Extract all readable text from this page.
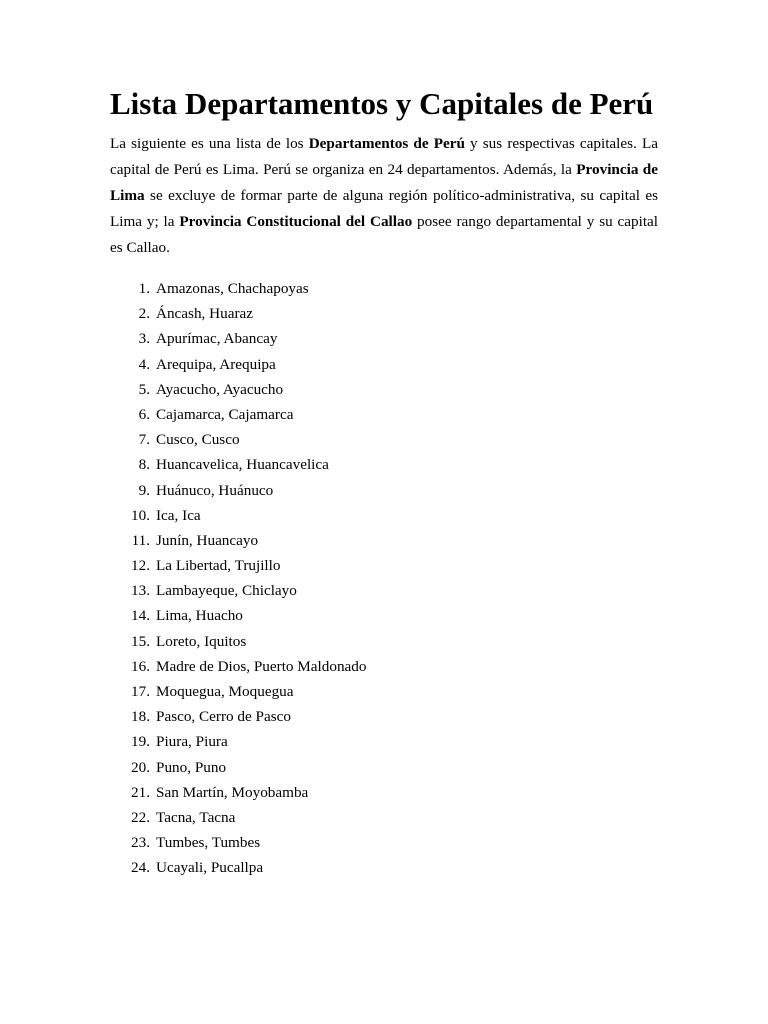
Lista Departamentos y Capitales de Perú

La siguiente es una lista de los Departamentos de Perú y sus respectivas capitales. La capital de Perú es Lima. Perú se organiza en 24 departamentos. Además, la Provincia de Lima se excluye de formar parte de alguna región político-administrativa, su capital es Lima y; la Provincia Constitucional del Callao posee rango departamental y su capital es Callao.

1. Amazonas, Chachapoyas
2. Áncash, Huaraz
3. Apurímac, Abancay
4. Arequipa, Arequipa
5. Ayacucho, Ayacucho
6. Cajamarca, Cajamarca
7. Cusco, Cusco
8. Huancavelica, Huancavelica
9. Huánuco, Huánuco
10. Ica, Ica
11. Junín, Huancayo
12. La Libertad, Trujillo
13. Lambayeque, Chiclayo
14. Lima, Huacho
15. Loreto, Iquitos
16. Madre de Dios, Puerto Maldonado
17. Moquegua, Moquegua
18. Pasco, Cerro de Pasco
19. Piura, Piura
20. Puno, Puno
21. San Martín, Moyobamba
22. Tacna, Tacna
23. Tumbes, Tumbes
24. Ucayali, Pucallpa
